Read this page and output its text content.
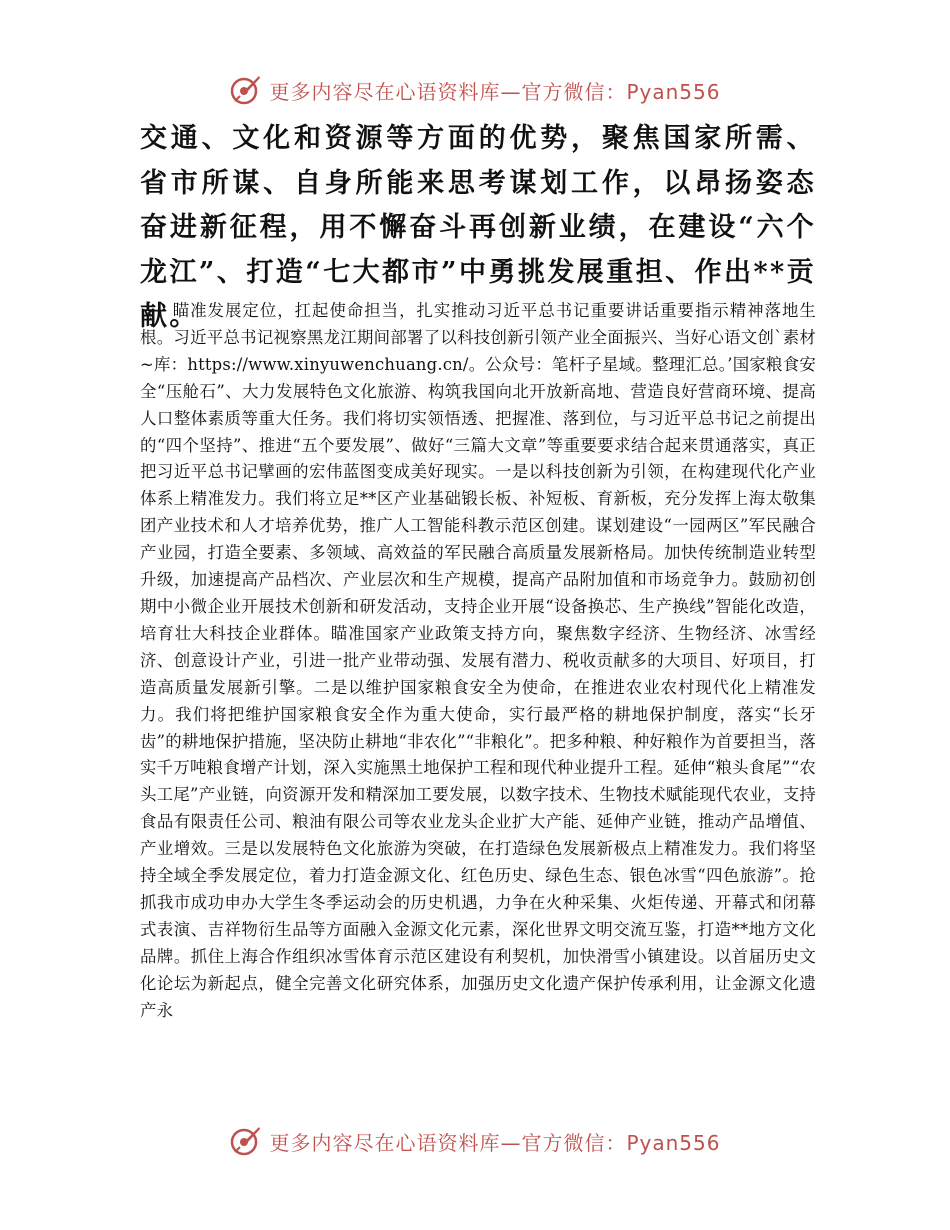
更多内容尽在心语资料库—官方微信：Pyan556

交通、文化和资源等方面的优势，聚焦国家所需、省市所谋、自身所能来思考谋划工作，以昂扬姿态奋进新征程，用不懈奋斗再创新业绩，在建设“六个龙江”、打造“七大都市”中勇挑发展重担、作出**贡献。

瞄准发展定位，扛起使命担当，扎实推动习近平总书记重要讲话重要指示精神落地生根。习近平总书记视察黑龙江期间部署了以科技创新引领产业全面振兴、当好心语文创`素材~库：https://www.xinyuwenchuang.cn/。公众号：笔杆子星域。整理汇总。’国家粮食安全“压舱石”、大力发展特色文化旅游、构筑我国向北开放新高地、营造良好营商环境、提高人口整体素质等重大任务。我们将切实领悟透、把握准、落到位，与习近平总书记之前提出的“四个坚持”、推进“五个要发展”、做好“三篇大文章”等重要要求结合起来贯通落实，真正把习近平总书记擘画的宏伟蓝图变成美好现实。一是以科技创新为引领，在构建现代化产业体系上精准发力。我们将立足**区产业基础锻长板、补短板、育新板，充分发挥上海太敬集团产业技术和人才培养优势，推广人工智能科教示范区创建。谋划建设“一园两区”军民融合产业园，打造全要素、多领域、高效益的军民融合高质量发展新格局。加快传统制造业转型升级，加速提高产品档次、产业层次和生产规模，提高产品附加值和市场竞争力。鼓励初创期中小微企业开展技术创新和研发活动，支持企业开展“设备换芯、生产换线”智能化改造，培育壮大科技企业群体。瞄准国家产业政策支持方向，聚焦数字经济、生物经济、冰雪经济、创意设计产业，引进一批产业带动强、发展有潜力、税收贡献多的大项目、好项目，打造高质量发展新引擎。二是以维护国家粮食安全为使命，在推进农业农村现代化上精准发力。我们将把维护国家粮食安全作为重大使命，实行最严格的耕地保护制度，落实“长牙齿”的耕地保护措施，坚决防止耕地“非农化”“非粮化”。把多种粮、种好粮作为首要担当，落实千万吨粮食增产计划，深入实施黑土地保护工程和现代种业提升工程。延伸“粮头食尾”“农头工尾”产业链，向资源开发和精深加工要发展，以数字技术、生物技术赋能现代农业，支持食品有限责任公司、粮油有限公司等农业龙头企业扩大产能、延伸产业链，推动产品增值、产业增效。三是以发展特色文化旅游为突破，在打造绿色发展新极点上精准发力。我们将坚持全域全季发展定位，着力打造金源文化、红色历史、绿色生态、银色冰雪“四色旅游”。抢抓我市成功申办大学生冬季运动会的历史机遇，力争在火种采集、火炬传递、开幕式和闭幕式表演、吉祥物衍生品等方面融入金源文化元素，深化世界文明交流互鉴，打造**地方文化品牌。抓住上海合作组织冰雪体育示范区建设有利契机，加快滑雪小镇建设。以首届历史文化论坛为新起点，健全完善文化研究体系，加强历史文化遗产保护传承利用，让金源文化遗产永

更多内容尽在心语资料库—官方微信：Pyan556
